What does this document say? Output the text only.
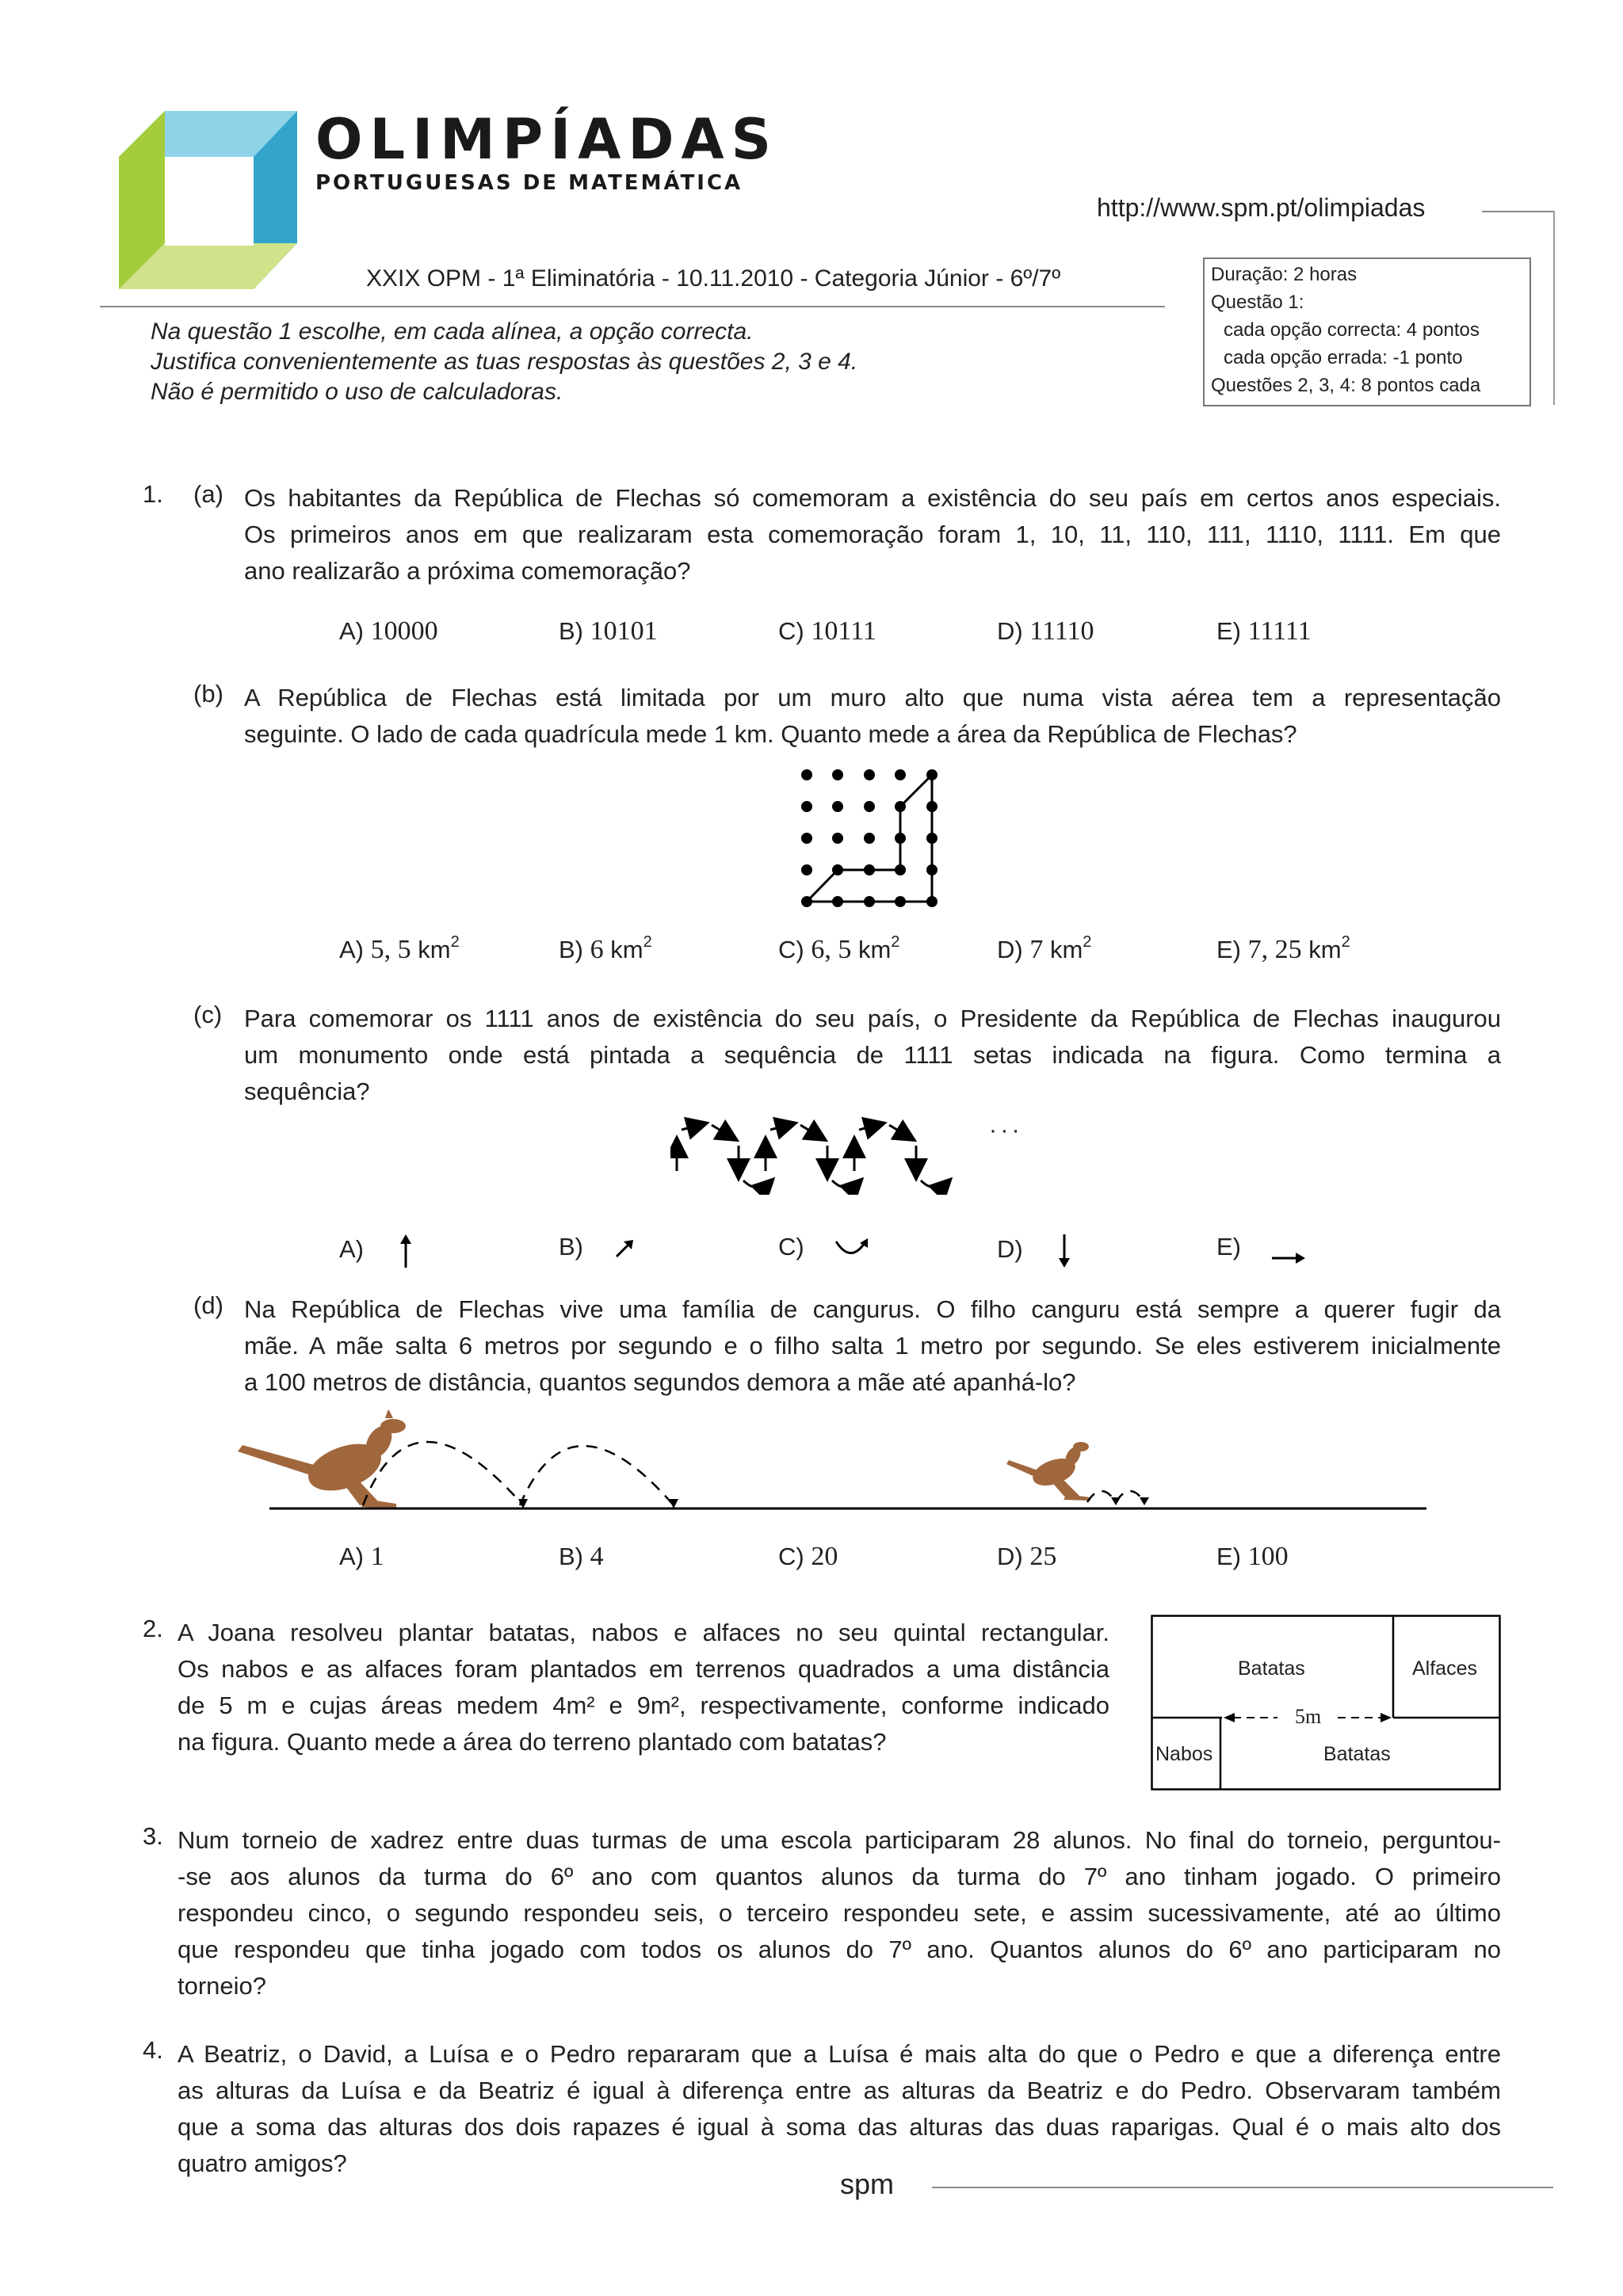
OLIMPÍADAS
PORTUGUESAS DE MATEMÁTICA
http://www.spm.pt/olimpiadas
XXIX OPM - 1ª Eliminatória - 10.11.2010 - Categoria Júnior - 6º/7º
Na questão 1 escolhe, em cada alínea, a opção correcta.
Justifica convenientemente as tuas respostas às questões 2, 3 e 4.
Não é permitido o uso de calculadoras.
Duração: 2 horas
Questão 1:
cada opção correcta: 4 pontos
cada opção errada: -1 ponto
Questões 2, 3, 4: 8 pontos cada
1. (a) Os habitantes da República de Flechas só comemoram a existência do seu país em certos anos especiais.
Os primeiros anos em que realizaram esta comemoração foram 1, 10, 11, 110, 111, 1110, 1111. Em que
ano realizarão a próxima comemoração?
A) 10000	B) 10101	C) 10111	D) 11110	E) 11111
(b) A República de Flechas está limitada por um muro alto que numa vista aérea tem a representação
seguinte. O lado de cada quadrícula mede 1 km. Quanto mede a área da República de Flechas?
A) 5, 5 $km^2$	B) 6 $km^2$	C) 6, 5 $km^2$	D) 7 $km^2$	E) 7, 25 $km^2$
(c) Para comemorar os 1111 anos de existência do seu país, o Presidente da República de Flechas inaugurou
um monumento onde está pintada a sequência de 1111 setas indicada na figura. Como termina a
sequência?
· · ·
A)	B)	C)	D)	E)
(d) Na República de Flechas vive uma família de cangurus. O filho canguru está sempre a querer fugir da
mãe. A mãe salta 6 metros por segundo e o filho salta 1 metro por segundo. Se eles estiverem inicialmente
a 100 metros de distância, quantos segundos demora a mãe até apanhá-lo?
A) 1	B) 4	C) 20	D) 25	E) 100
2. A Joana resolveu plantar batatas, nabos e alfaces no seu quintal rectangular.
Os nabos e as alfaces foram plantados em terrenos quadrados a uma distância
de 5 m e cujas áreas medem 4m² e 9m², respectivamente, conforme indicado
na figura. Quanto mede a área do terreno plantado com batatas?
Batatas	Alfaces
5m
Nabos	Batatas
3. Num torneio de xadrez entre duas turmas de uma escola participaram 28 alunos. No final do torneio, perguntou-
-se aos alunos da turma do 6º ano com quantos alunos da turma do 7º ano tinham jogado. O primeiro
respondeu cinco, o segundo respondeu seis, o terceiro respondeu sete, e assim sucessivamente, até ao último
que respondeu que tinha jogado com todos os alunos do 7º ano. Quantos alunos do 6º ano participaram no
torneio?
4. A Beatriz, o David, a Luísa e o Pedro repararam que a Luísa é mais alta do que o Pedro e que a diferença entre
as alturas da Luísa e da Beatriz é igual à diferença entre as alturas da Beatriz e do Pedro. Observaram também
que a soma das alturas dos dois rapazes é igual à soma das alturas das duas raparigas. Qual é o mais alto dos
quatro amigos?
spm
